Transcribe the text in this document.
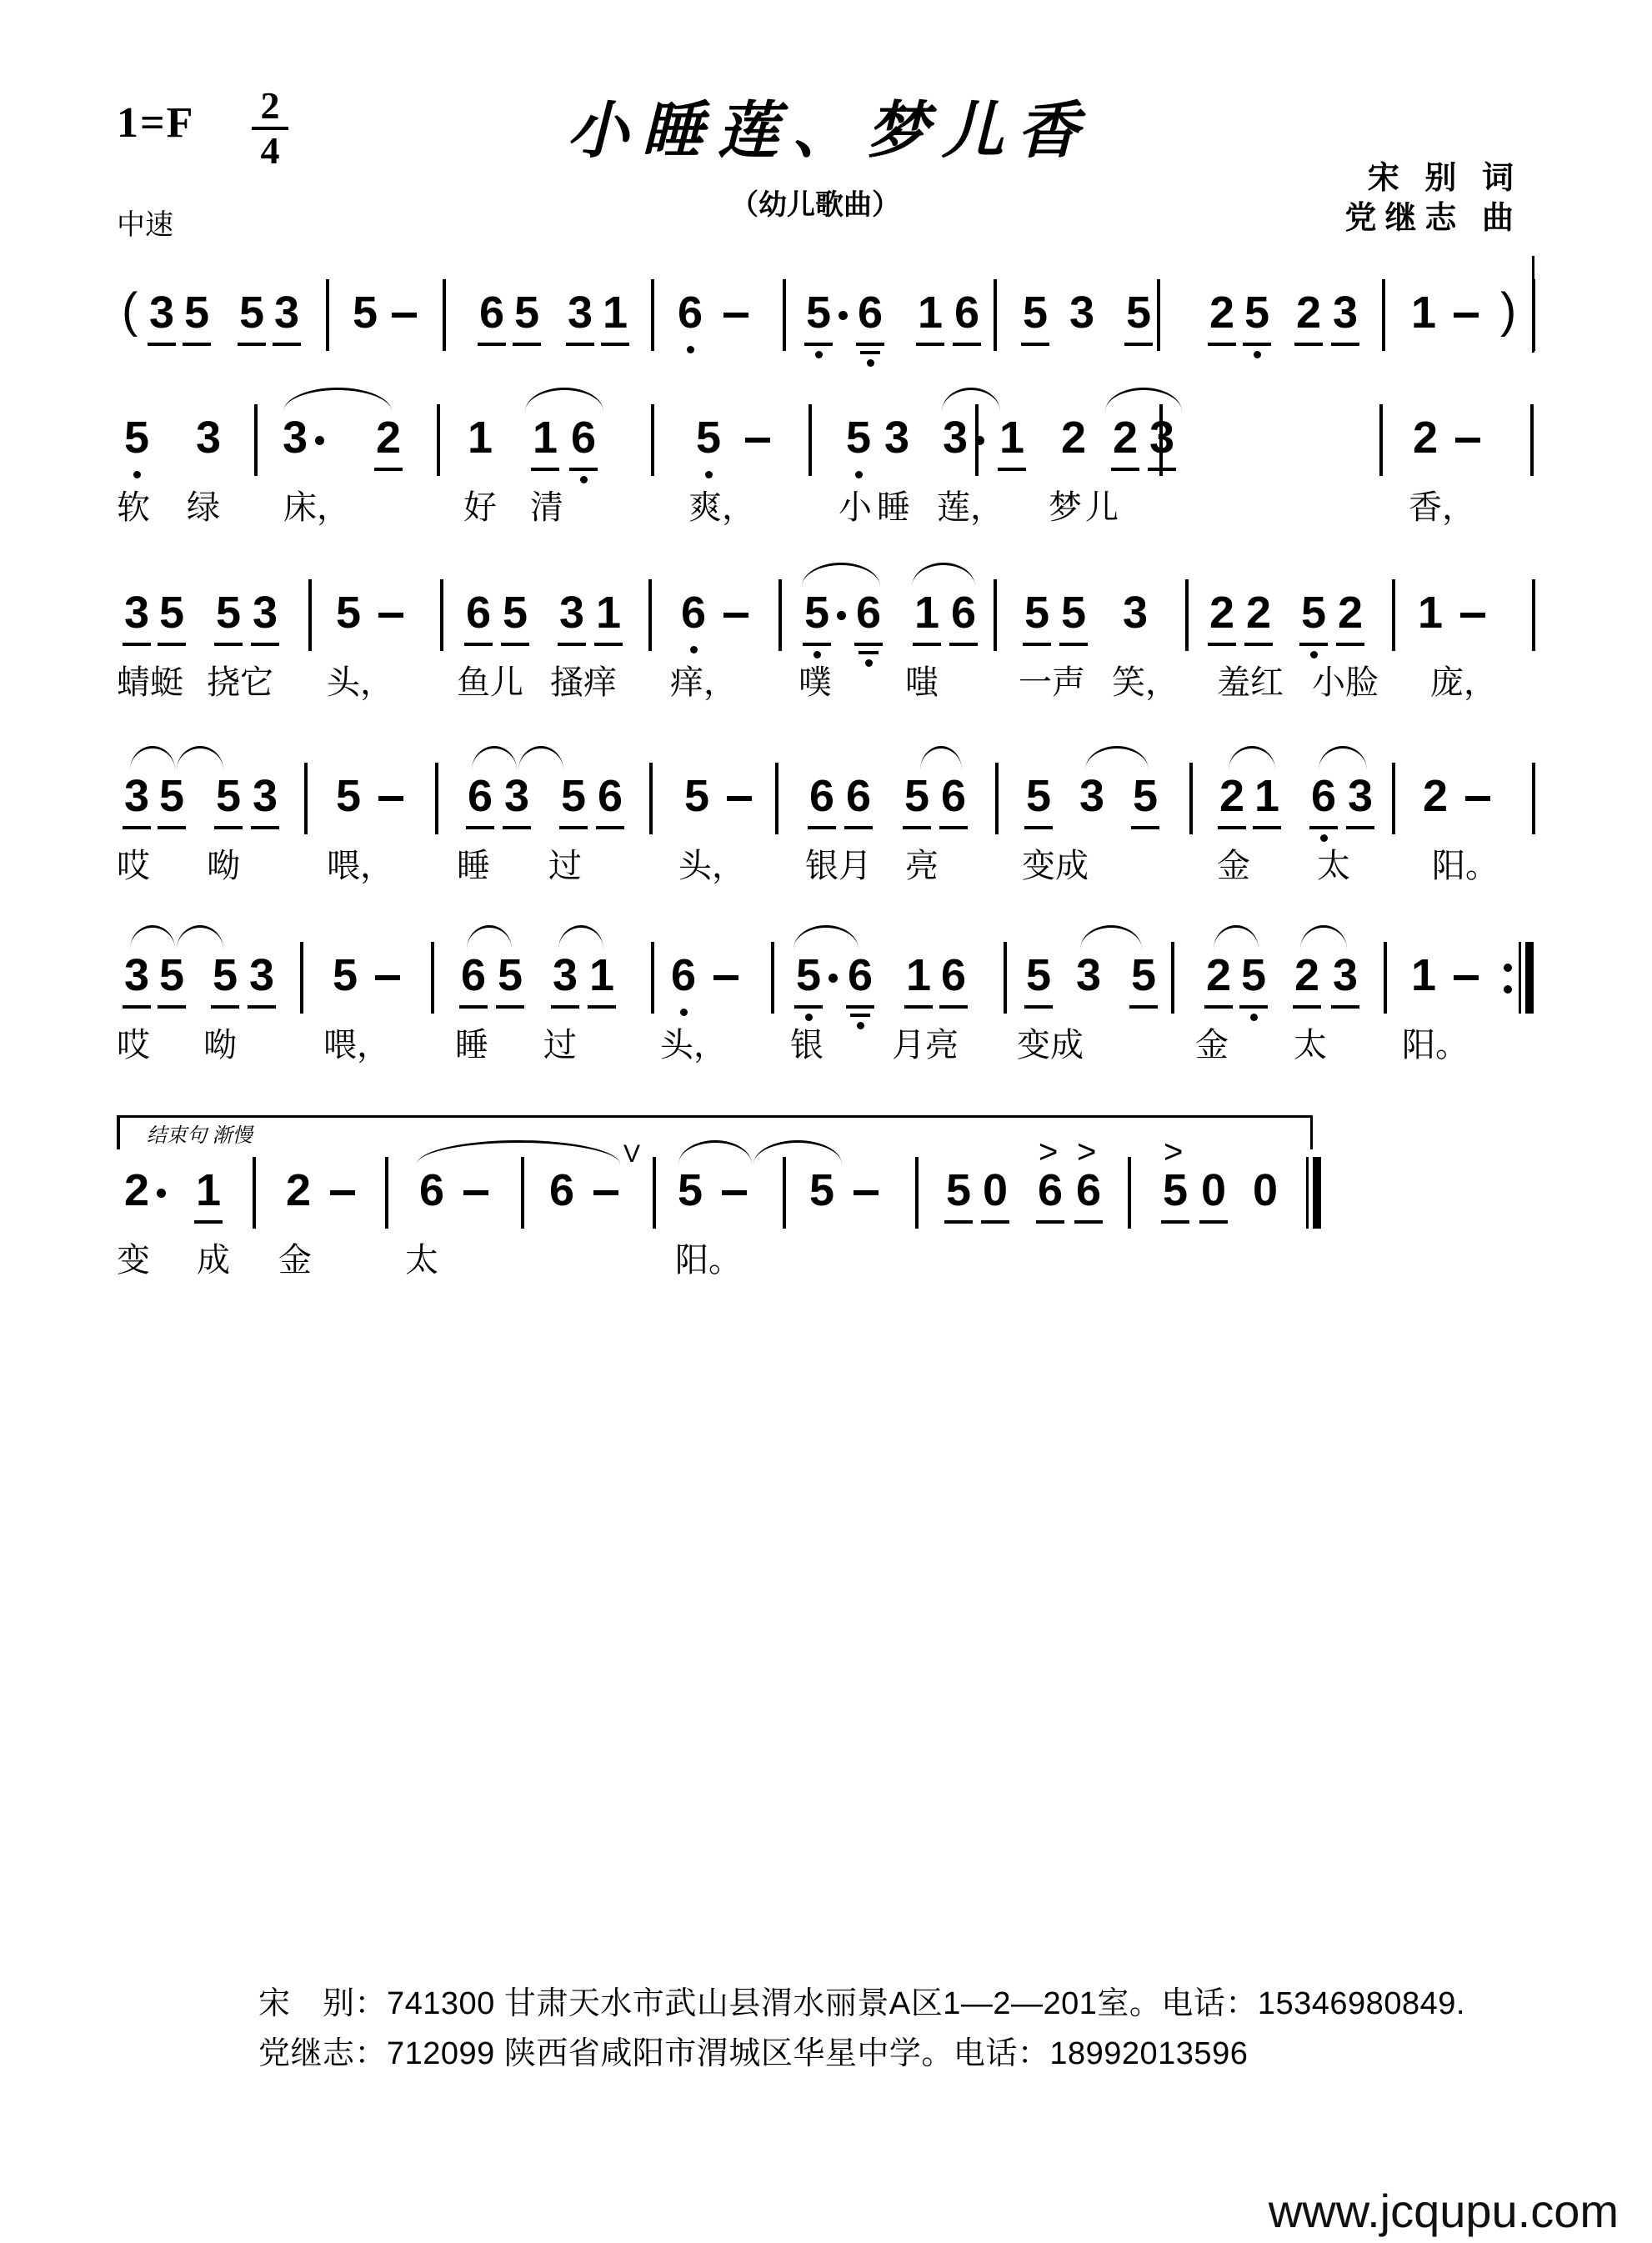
$1=F \frac{2}{4}$
中速
小睡莲、梦儿香
（幼儿歌曲）
宋 别 词
党继志 曲
(	)
3 5 5 3 5 6 5 3 1 6 5 6 1 6 5 3 5 2 5 2 3 1
5 3 3 2 1 1 6 5	5 3 3 1 2 2 3	2
软 绿 床，	好 清	爽，	小 睡 莲， 梦 儿	香，
3 5 5 3 5 6 5 3 1 6 5 6 1 6 5 5 3 2 2 5 2 1
蜻蜓 挠它 头， 鱼儿 搔痒 痒， 噗 嗤 一声 笑， 羞红 小脸 庞，
3 5 5 3 5 6 3 5 6 5 6 6 5 6 5 3 5 2 1 6 3 2
哎 呦	喂， 睡 过	头， 银月 亮	变成	金 太 阳。
3 5 5 3 5 6 5 3 1 6 5 6 1 6 5 3 5 2 5 2 3 1
哎 呦	喂， 睡 过	头， 银 月亮 变成	金 太 阳。
结束句 渐慢
2 1 2 6 6 5 5 5 0 6
>
6
>
5
>
0 0
V
变 成 金	太	阳。
宋　别：741300 甘肃天水市武山县渭水丽景A区1—2—201室。电话：15346980849.
党继志：712099 陕西省咸阳市渭城区华星中学。电话：18992013596
www.jcqupu.com
